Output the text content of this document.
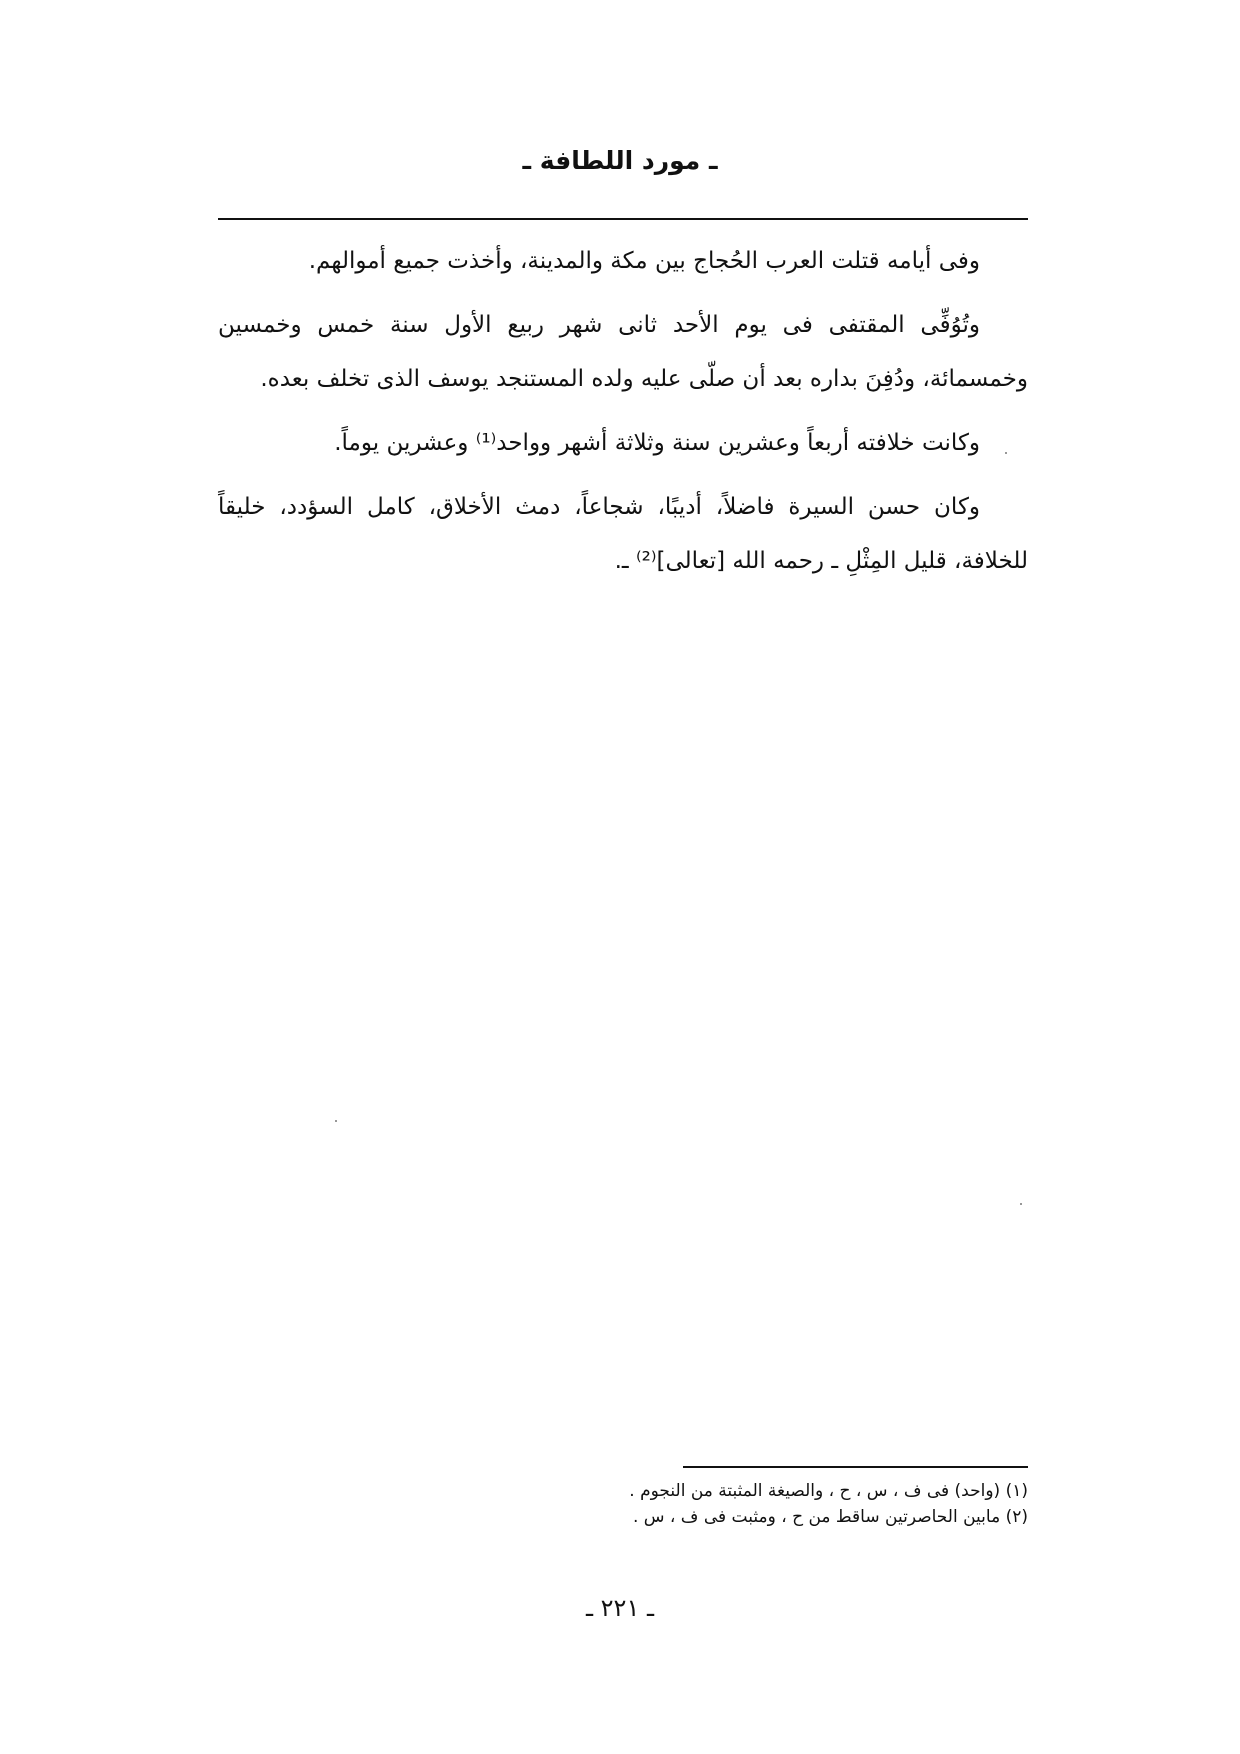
ـ مورد اللطافة ـ

وفى أيامه قتلت العرب الحُجاج بين مكة والمدينة، وأخذت جميع أموالهم.

وتُوُفِّى المقتفى فى يوم الأحد ثانى شهر ربيع الأول سنة خمس وخمسين وخمسمائة، ودُفِنَ بداره بعد أن صلّى عليه ولده المستنجد يوسف الذى تخلف بعده.

وكانت خلافته أربعاً وعشرين سنة وثلاثة أشهر وواحد⁽¹⁾ وعشرين يوماً.

وكان حسن السيرة فاضلاً، أديبًا، شجاعاً، دمث الأخلاق، كامل السؤدد، خليقاً للخلافة، قليل المِثْلِ ـ رحمه الله [تعالى]⁽²⁾ ـ.

(١) (واحد) فى ف ، س ، ح ، والصيغة المثبتة من النجوم .

(٢) مابين الحاصرتين ساقط من ح ، ومثبت فى ف ، س .

ـ ٢٢١ ـ
